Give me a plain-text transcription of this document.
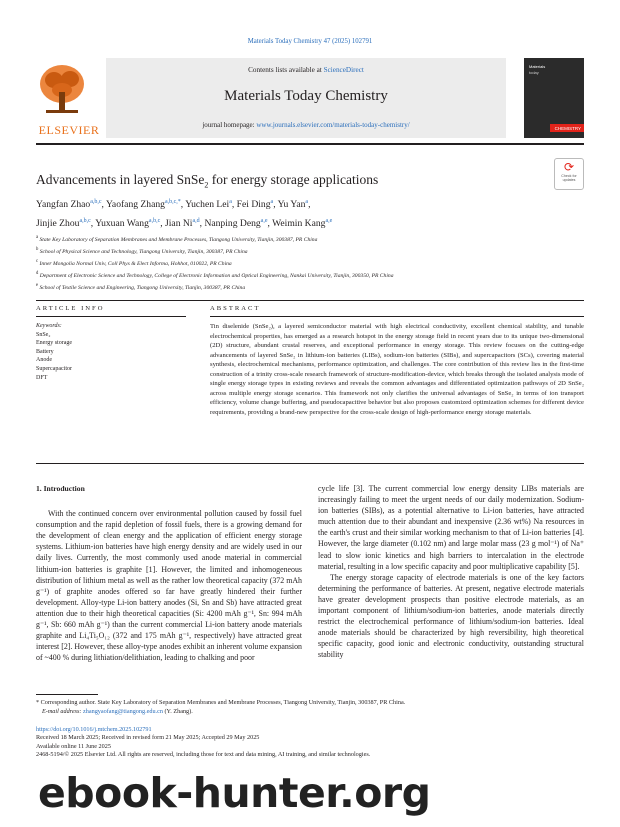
Materials Today Chemistry 47 (2025) 102791
ELSEVIER
Contents lists available at ScienceDirect
Materials Today Chemistry
journal homepage: www.journals.elsevier.com/materials-today-chemistry/
Materials
today
CHEMISTRY
Advancements in layered SnSe$_2$ for energy storage applications
⟳
Check for updates
Yangfan Zhao$^{a,b,c}$, Yaofang Zhang$^{a,b,c,*}$, Yuchen Lei$^a$, Fei Ding$^a$, Yu Yan$^a$,
Jinjie Zhou$^{a,b,c}$, Yuxuan Wang$^{a,b,c}$, Jian Ni$^{a,d}$, Nanping Deng$^{a,e}$, Weimin Kang$^{a,e}$
$^a$ State Key Laboratory of Separation Membranes and Membrane Processes, Tiangong University, Tianjin, 300387, PR China
$^b$ School of Physical Science and Technology, Tiangong University, Tianjin, 300387, PR China
$^c$ Inner Mongolia Normal Univ, Coll Phys & Elect Informa, Hohhot, 010022, PR China
$^d$ Department of Electronic Science and Technology, College of Electronic Information and Optical Engineering, Nankai University, Tianjin, 300350, PR China
$^e$ School of Textile Science and Engineering, Tiangong University, Tianjin, 300387, PR China
ARTICLE INFO	ABSTRACT
Keywords:
SnSe₂
Energy storage
Battery
Anode
Supercapacitor
DFT
Tin diselenide (SnSe₂), a layered semiconductor material with high electrical conductivity, excellent chemical stability, and tunable electrochemical properties, has emerged as a research hotspot in the energy storage field in recent years due to its unique two-dimensional (2D) structure, abundant crustal reserves, and exceptional performance in energy storage. This review focuses on the cutting-edge advancements of layered SnSe₂ in lithium-ion batteries (LIBs), sodium-ion batteries (SIBs), and supercapacitors (SCs), covering material synthesis, electrochemical mechanisms, performance optimization, and challenges. The core contribution of this review lies in the first-time construction of a trinity cross-scale research framework of structure-modification-device, which breaks through the isolated analysis mode of single energy storage types in existing reviews and reveals the common advantages and differentiated optimization pathways of 2D SnSe₂ across multiple energy storage scenarios. This framework not only clarifies the universal advantages of SnSe₂ in terms of ion transport efficiency, volume change buffering, and pseudocapacitive behavior but also proposes customized optimization schemes for different device requirements, providing a brand-new perspective for the cross-scale design of high-performance energy storage materials.
1. Introduction

With the continued concern over environmental pollution caused by fossil fuel consumption and the rapid depletion of fossil fuels, there is a growing demand for the development of clean energy and the application of efficient energy storage systems. Lithium-ion batteries have high energy density and are widely used in our daily lives. Currently, the most commonly used anode material in commercial lithium-ion batteries is graphite [1]. However, the limited and inhomogeneous distribution of lithium metal as well as the rather low theoretical capacity (372 mAh g⁻¹) of graphite anodes offered so far have greatly hindered their further development. Alloy-type Li-ion battery anodes (Si, Sn and Sb) have attracted great attention due to their high theoretical capacities (Si: 4200 mAh g⁻¹, Sn: 994 mAh g⁻¹, Sb: 660 mAh g⁻¹) than the current commercial Li-ion battery anode materials graphite and Li₄Ti₅O₁₂ (372 and 175 mAh g⁻¹, respectively) have attracted great interest [2]. However, these alloy-type anodes exhibit an inherent volume expansion of ~400 % during lithiation/delithiation, leading to chalking and poor

cycle life [3]. The current commercial low energy density LIBs materials are increasingly failing to meet the urgent needs of our daily modernization. Sodium-ion batteries (SIBs), as a potential alternative to Li-ion batteries, have attracted much attention due to their abundant and inexpensive (2.36 wt%) Na resources in the earth's crust and their similar working mechanism to that of Li-ion batteries [4]. However, the large diameter (0.102 nm) and large molar mass (23 g mol⁻¹) of Na⁺ lead to slow ionic kinetics and high barriers to intercalation in the electrode material, resulting in a low specific capacity and poor multiplicative capability [5].

The energy storage capacity of electrode materials is one of the key factors determining the performance of batteries. At present, negative electrode materials have greater development prospects than positive electrode materials, as an important component of lithium/sodium-ion batteries, anode materials directly restrict the electrochemical performance of lithium/sodium-ion batteries. Ideal anode materials should be characterized by high reversibility, high theoretical specific capacity, good ionic and electronic conductivity, outstanding structural stability

* Corresponding author. State Key Laboratory of Separation Membranes and Membrane Processes, Tiangong University, Tianjin, 300387, PR China.
E-mail address: zhangyaofang@tiangong.edu.cn (Y. Zhang).
https://doi.org/10.1016/j.mtchem.2025.102791
Received 18 March 2025; Received in revised form 21 May 2025; Accepted 29 May 2025
Available online 11 June 2025
2468-5194/© 2025 Elsevier Ltd. All rights are reserved, including those for text and data mining, AI training, and similar technologies.
ebook-hunter.org
